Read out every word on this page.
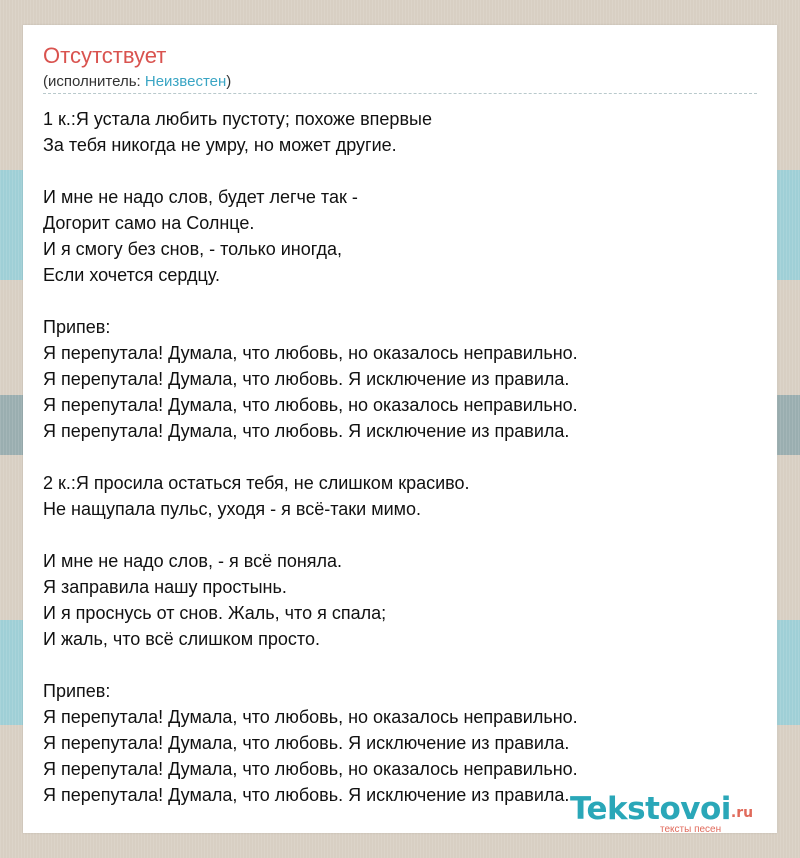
Отсутствует
(исполнитель: Неизвестен)
1 к.:Я устала любить пустоту; похоже впервые
За тебя никогда не умру, но может другие.
И мне не надо слов, будет легче так -
Догорит само на Солнце.
И я смогу без снов, - только иногда,
Если хочется сердцу.
Припев:
Я перепутала! Думала, что любовь, но оказалось неправильно.
Я перепутала! Думала, что любовь. Я исключение из правила.
Я перепутала! Думала, что любовь, но оказалось неправильно.
Я перепутала! Думала, что любовь. Я исключение из правила.
2 к.:Я просила остаться тебя, не слишком красиво.
Не нащупала пульс, уходя - я всё-таки мимо.
И мне не надо слов, - я всё поняла.
Я заправила нашу простынь.
И я проснусь от снов. Жаль, что я спала;
И жаль, что всё слишком просто.
Припев:
Я перепутала! Думала, что любовь, но оказалось неправильно.
Я перепутала! Думала, что любовь. Я исключение из правила.
Я перепутала! Думала, что любовь, но оказалось неправильно.
Я перепутала! Думала, что любовь. Я исключение из правила. Tekstovoi.ru
тексты песен
